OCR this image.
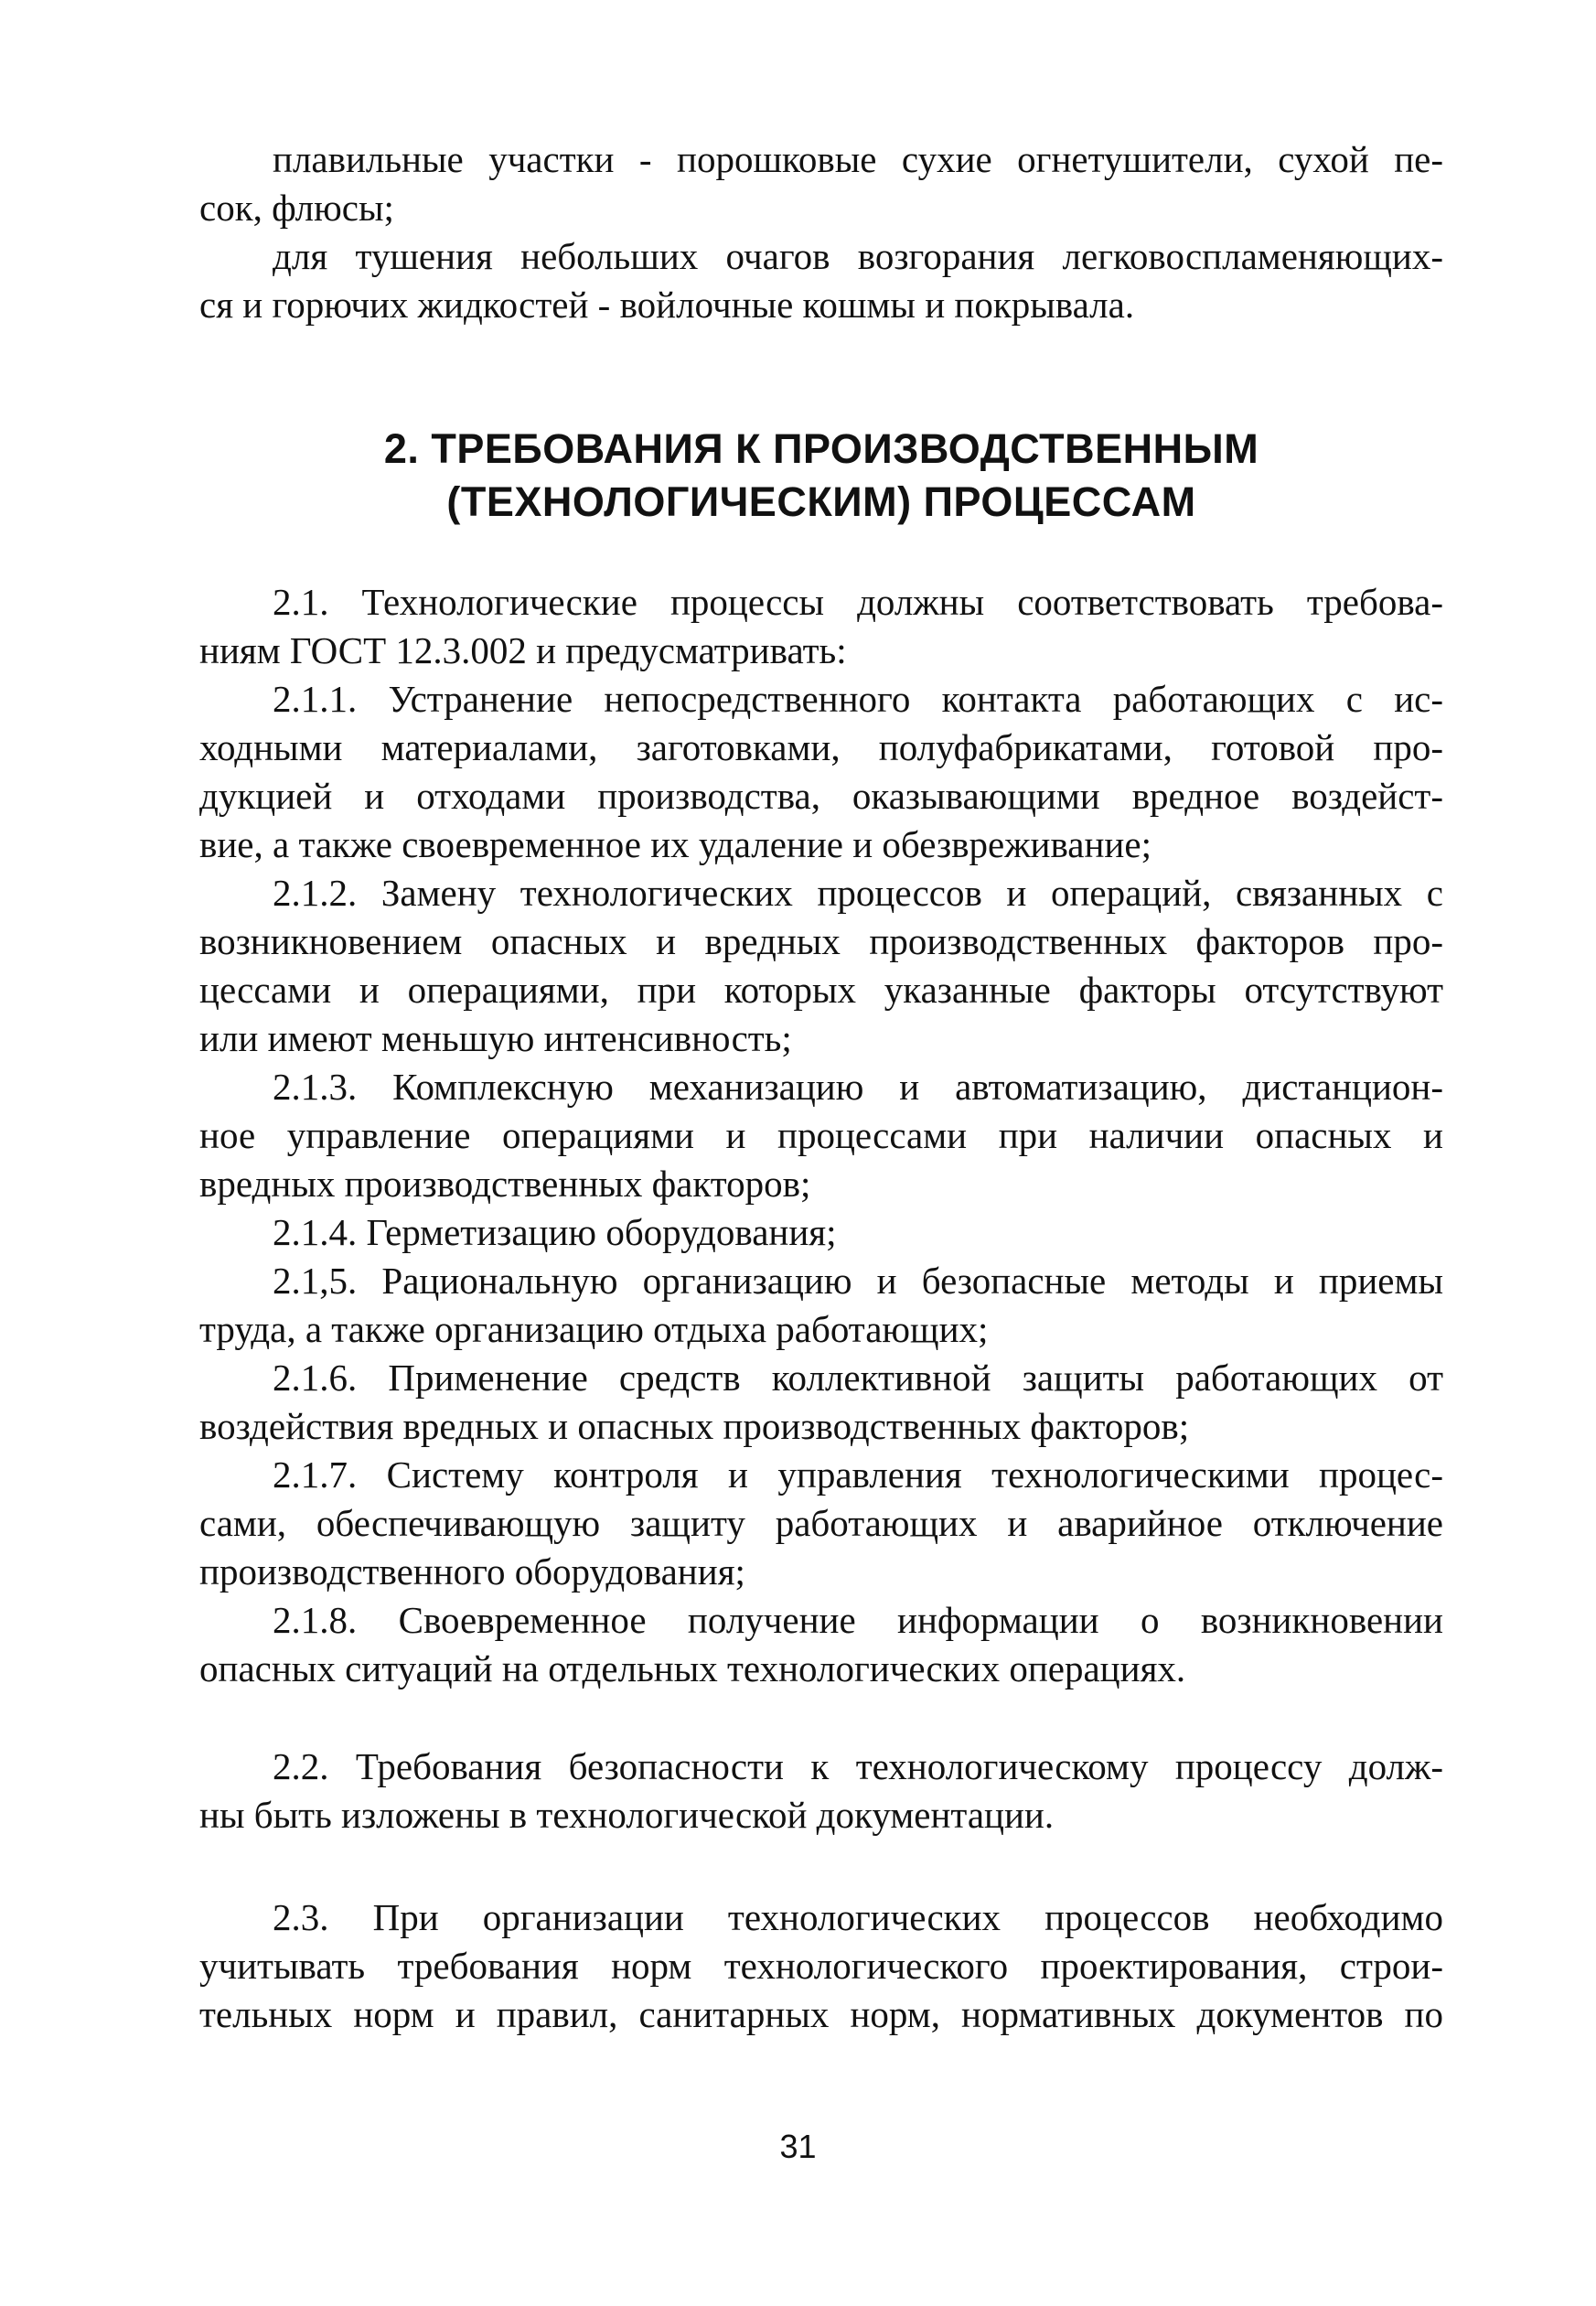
плавильные участки - порошковые сухие огнетушители, сухой пе-
сок, флюсы;
для тушения небольших очагов возгорания легковоспламеняющих-
ся и горючих жидкостей - войлочные кошмы и покрывала.
2. ТРЕБОВАНИЯ К ПРОИЗВОДСТВЕННЫМ
(ТЕХНОЛОГИЧЕСКИМ) ПРОЦЕССАМ
2.1. Технологические процессы должны соответствовать требова-
ниям ГОСТ 12.3.002 и предусматривать:
2.1.1. Устранение непосредственного контакта работающих с ис-
ходными материалами, заготовками, полуфабрикатами, готовой про-
дукцией и отходами производства, оказывающими вредное воздейст-
вие, а также своевременное их удаление и обезвреживание;
2.1.2. Замену технологических процессов и операций, связанных с
возникновением опасных и вредных производственных факторов про-
цессами и операциями, при которых указанные факторы отсутствуют
или имеют меньшую интенсивность;
2.1.3. Комплексную механизацию и автоматизацию, дистанцион-
ное управление операциями и процессами при наличии опасных и
вредных производственных факторов;
2.1.4. Герметизацию оборудования;
2.1,5. Рациональную организацию и безопасные методы и приемы
труда, а также организацию отдыха работающих;
2.1.6. Применение средств коллективной защиты работающих от
воздействия вредных и опасных производственных факторов;
2.1.7. Систему контроля и управления технологическими процес-
сами, обеспечивающую защиту работающих и аварийное отключение
производственного оборудования;
2.1.8. Своевременное получение информации о возникновении
опасных ситуаций на отдельных технологических операциях.
2.2. Требования безопасности к технологическому процессу долж-
ны быть изложены в технологической документации.
2.3. При организации технологических процессов необходимо
учитывать требования норм технологического проектирования, строи-
тельных норм и правил, санитарных норм, нормативных документов по
31
